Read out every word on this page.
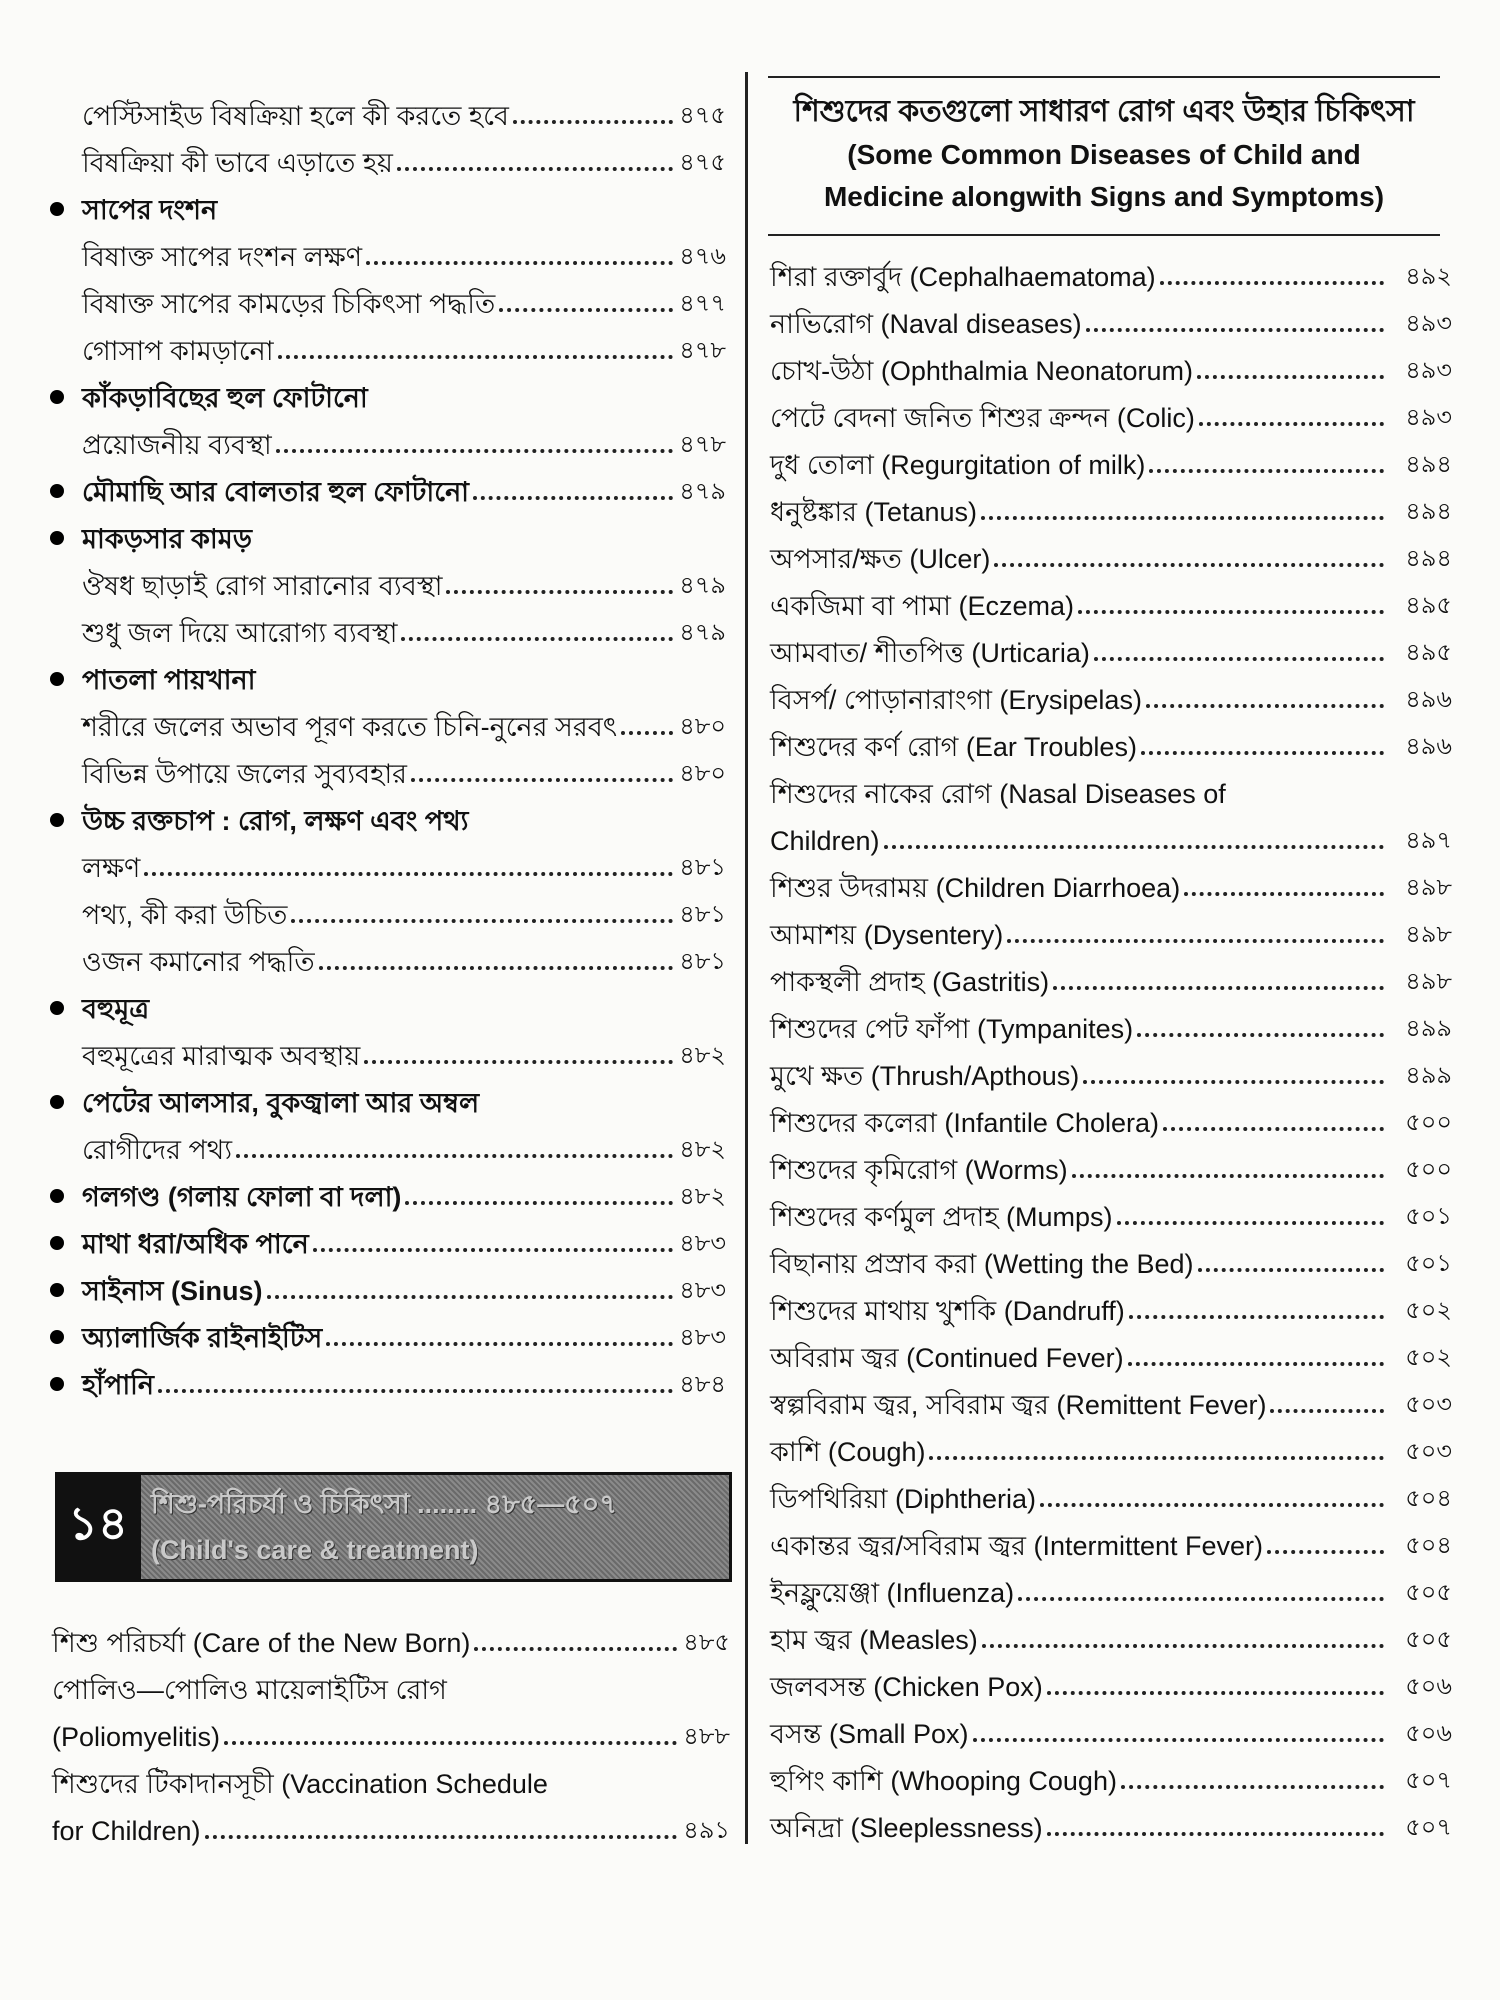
পেস্টিসাইড বিষক্রিয়া হলে কী করতে হবে	৪৭৫
বিষক্রিয়া কী ভাবে এড়াতে হয়	৪৭৫
সাপের দংশন
বিষাক্ত সাপের দংশন লক্ষণ	৪৭৬
বিষাক্ত সাপের কামড়ের চিকিৎসা পদ্ধতি	৪৭৭
গোসাপ কামড়ানো	৪৭৮
কাঁকড়াবিছের হুল ফোটানো
প্রয়োজনীয় ব্যবস্থা	৪৭৮
মৌমাছি আর বোলতার হুল ফোটানো	৪৭৯
মাকড়সার কামড়
ঔষধ ছাড়াই রোগ সারানোর ব্যবস্থা	৪৭৯
শুধু জল দিয়ে আরোগ্য ব্যবস্থা	৪৭৯
পাতলা পায়খানা
শরীরে জলের অভাব পূরণ করতে চিনি-নুনের সরবৎ	৪৮০
বিভিন্ন উপায়ে জলের সুব্যবহার	৪৮০
উচ্চ রক্তচাপ : রোগ, লক্ষণ এবং পথ্য
লক্ষণ	৪৮১
পথ্য, কী করা উচিত	৪৮১
ওজন কমানোর পদ্ধতি	৪৮১
বহুমূত্র
বহুমূত্রের মারাত্মক অবস্থায়	৪৮২
পেটের আলসার, বুকজ্বালা আর অম্বল
রোগীদের পথ্য	৪৮২
গলগণ্ড (গলায় ফোলা বা দলা)	৪৮২
মাথা ধরা/অধিক পানে	৪৮৩
সাইনাস (Sinus)	৪৮৩
অ্যালার্জিক রাইনাইটিস	৪৮৩
হাঁপানি	৪৮৪
১৪ শিশু-পরিচর্যা ও চিকিৎসা ........ ৪৮৫—৫০৭
(Child's care & treatment)
শিশু পরিচর্যা (Care of the New Born)	৪৮৫
পোলিও—পোলিও মায়েলাইটিস রোগ
(Poliomyelitis)	৪৮৮
শিশুদের টিকাদানসূচী (Vaccination Schedule
for Children)	৪৯১
শিশুদের কতগুলো সাধারণ রোগ এবং উহার চিকিৎসা
(Some Common Diseases of Child and
Medicine alongwith Signs and Symptoms)
শিরা রক্তার্বুদ (Cephalhaematoma)	৪৯২
নাভিরোগ (Naval diseases)	৪৯৩
চোখ-উঠা (Ophthalmia Neonatorum)	৪৯৩
পেটে বেদনা জনিত শিশুর ক্রন্দন (Colic)	৪৯৩
দুধ তোলা (Regurgitation of milk)	৪৯৪
ধনুষ্টঙ্কার (Tetanus)	৪৯৪
অপসার/ক্ষত (Ulcer)	৪৯৪
একজিমা বা পামা (Eczema)	৪৯৫
আমবাত/ শীতপিত্ত (Urticaria)	৪৯৫
বিসর্প/ পোড়ানারাংগা (Erysipelas)	৪৯৬
শিশুদের কর্ণ রোগ (Ear Troubles)	৪৯৬
শিশুদের নাকের রোগ (Nasal Diseases of
Children)	৪৯৭
শিশুর উদরাময় (Children Diarrhoea)	৪৯৮
আমাশয় (Dysentery)	৪৯৮
পাকস্থলী প্রদাহ (Gastritis)	৪৯৮
শিশুদের পেট ফাঁপা (Tympanites)	৪৯৯
মুখে ক্ষত (Thrush/Apthous)	৪৯৯
শিশুদের কলেরা (Infantile Cholera)	৫০০
শিশুদের কৃমিরোগ (Worms)	৫০০
শিশুদের কর্ণমুল প্রদাহ (Mumps)	৫০১
বিছানায় প্রস্রাব করা (Wetting the Bed)	৫০১
শিশুদের মাথায় খুশকি (Dandruff)	৫০২
অবিরাম জ্বর (Continued Fever)	৫০২
স্বল্পবিরাম জ্বর, সবিরাম জ্বর (Remittent Fever)	৫০৩
কাশি (Cough)	৫০৩
ডিপথিরিয়া (Diphtheria)	৫০৪
একান্তর জ্বর/সবিরাম জ্বর (Intermittent Fever)	৫০৪
ইনফ্লুয়েঞ্জা (Influenza)	৫০৫
হাম জ্বর (Measles)	৫০৫
জলবসন্ত (Chicken Pox)	৫০৬
বসন্ত (Small Pox)	৫০৬
হুপিং কাশি (Whooping Cough)	৫০৭
অনিদ্রা (Sleeplessness)	৫০৭
